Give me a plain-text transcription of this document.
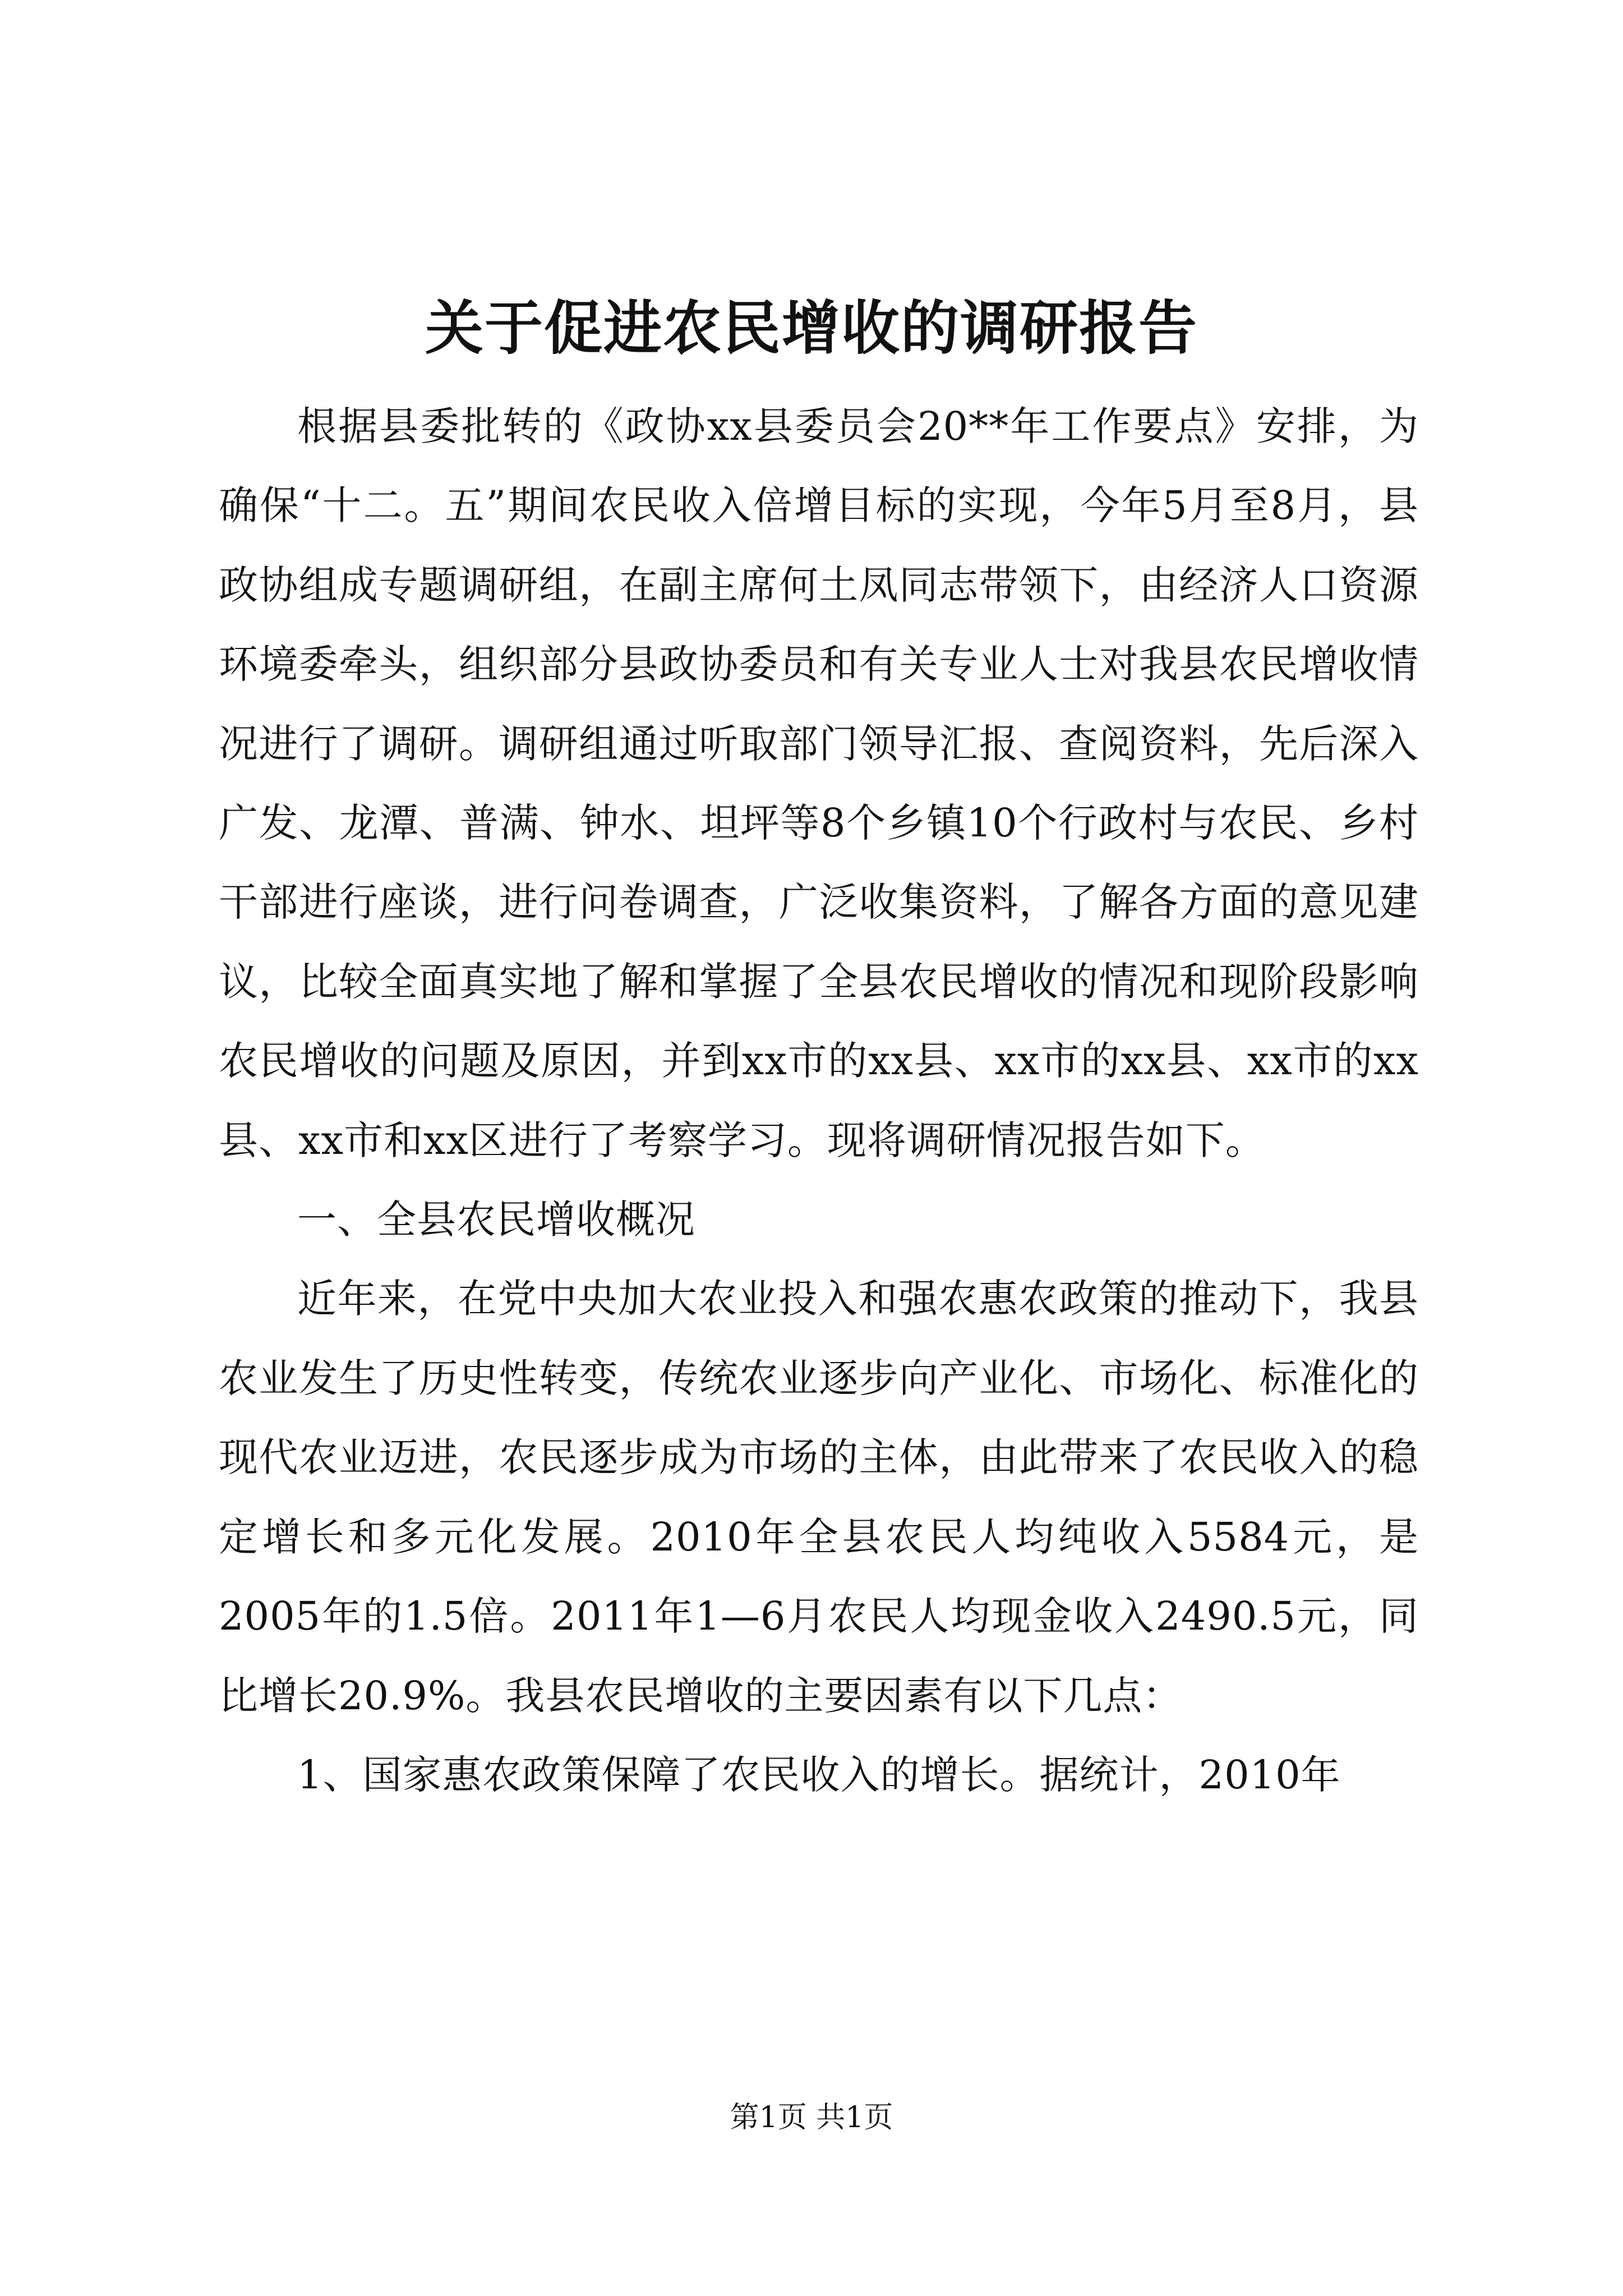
关于促进农民增收的调研报告

根据县委批转的《政协xx县委员会20**年工作要点》安排，为确保“十二。五”期间农民收入倍增目标的实现，今年5月至8月，县政协组成专题调研组，在副主席何土凤同志带领下，由经济人口资源环境委牵头，组织部分县政协委员和有关专业人士对我县农民增收情况进行了调研。调研组通过听取部门领导汇报、查阅资料，先后深入广发、龙潭、普满、钟水、坦坪等8个乡镇10个行政村与农民、乡村干部进行座谈，进行问卷调查，广泛收集资料，了解各方面的意见建议，比较全面真实地了解和掌握了全县农民增收的情况和现阶段影响农民增收的问题及原因，并到xx市的xx县、xx市的xx县、xx市的xx县、xx市和xx区进行了考察学习。现将调研情况报告如下。

一、全县农民增收概况

近年来，在党中央加大农业投入和强农惠农政策的推动下，我县农业发生了历史性转变，传统农业逐步向产业化、市场化、标准化的现代农业迈进，农民逐步成为市场的主体，由此带来了农民收入的稳定增长和多元化发展。2010年全县农民人均纯收入5584元，是2005年的1.5倍。2011年1—6月农民人均现金收入2490.5元，同比增长20.9%。我县农民增收的主要因素有以下几点：

1、国家惠农政策保障了农民收入的增长。据统计，2010年

第1页 共1页
